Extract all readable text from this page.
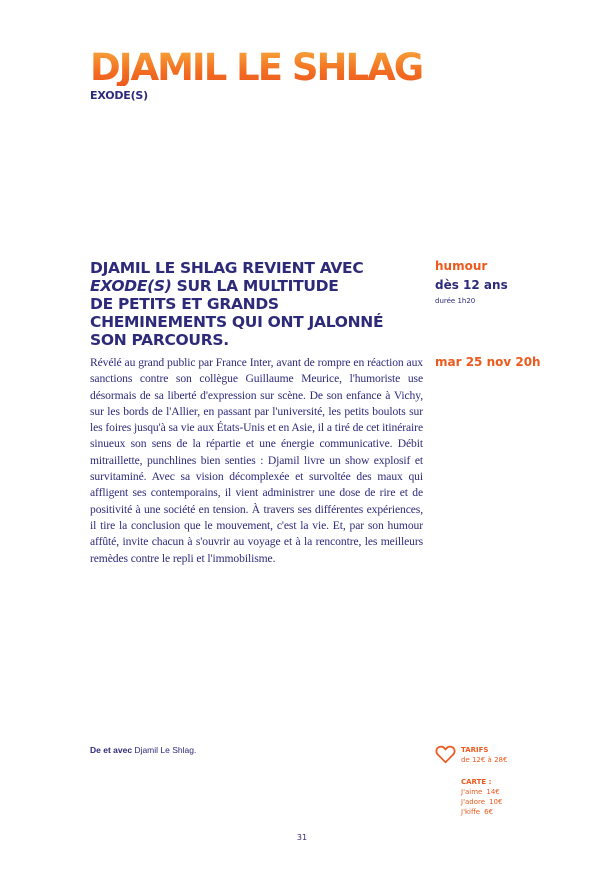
DJAMIL LE SHLAG
EXODE(S)
DJAMIL LE SHLAG REVIENT AVEC
EXODE(S) SUR LA MULTITUDE
DE PETITS ET GRANDS
CHEMINEMENTS QUI ONT JALONNÉ
SON PARCOURS.

Révélé au grand public par France Inter, avant de rompre en réaction aux sanctions contre son collègue Guillaume Meurice, l'humoriste use désormais de sa liberté d'expression sur scène. De son enfance à Vichy, sur les bords de l'Allier, en passant par l'université, les petits boulots sur les foires jusqu'à sa vie aux États-Unis et en Asie, il a tiré de cet itinéraire sinueux son sens de la répartie et une énergie communicative. Débit mitraillette, punchlines bien senties : Djamil livre un show explosif et survitaminé. Avec sa vision décomplexée et survoltée des maux qui affligent ses contemporains, il vient administrer une dose de rire et de positivité à une société en tension. À travers ses différentes expériences, il tire la conclusion que le mouvement, c'est la vie. Et, par son humour affûté, invite chacun à s'ouvrir au voyage et à la rencontre, les meilleurs remèdes contre le repli et l'immobilisme.

humour
dès 12 ans
durée 1h20
mar 25 nov 20h
De et avec Djamil Le Shlag.	TARIFS
de 12€ à 28€
CARTE :
J'aime 14€
J'adore 10€
J'kiffe 6€
31
